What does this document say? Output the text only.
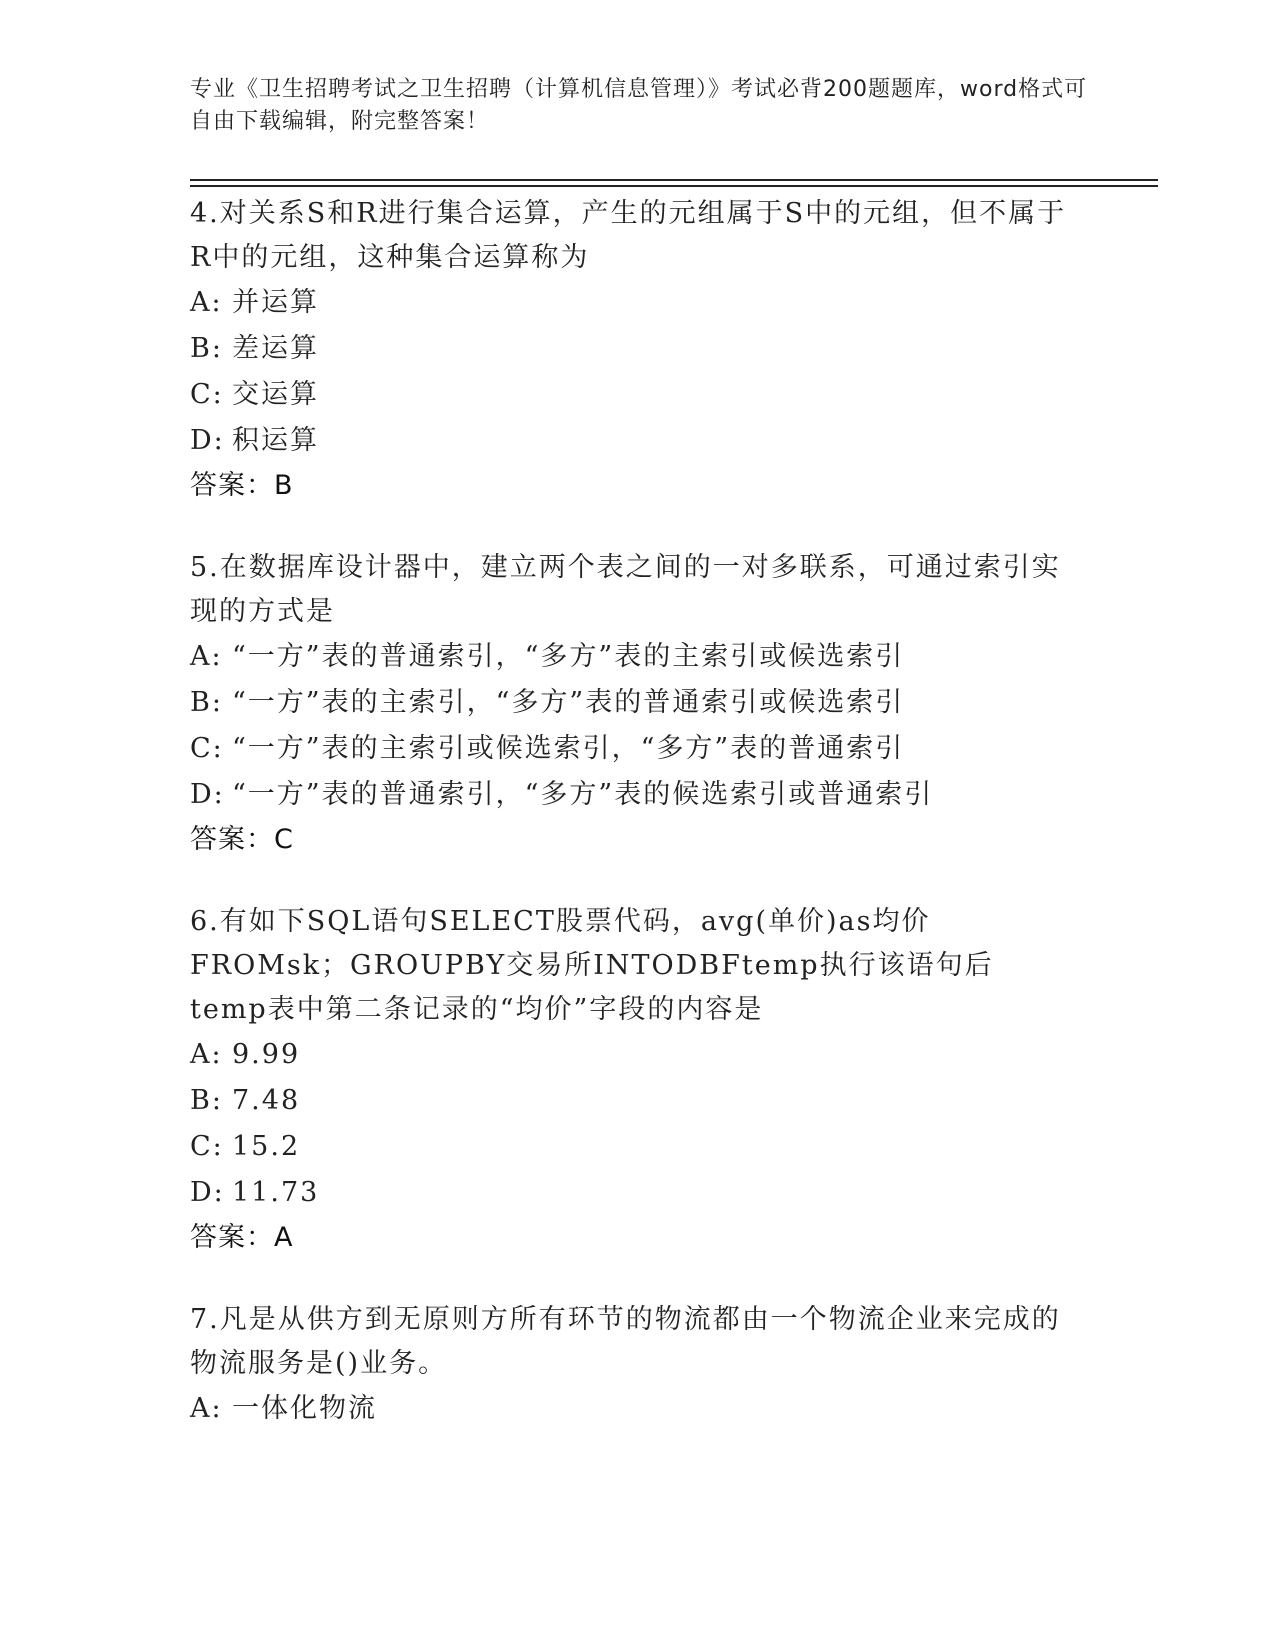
专业《卫生招聘考试之卫生招聘（计算机信息管理）》考试必背200题题库，word格式可自由下载编辑，附完整答案！
4.对关系S和R进行集合运算，产生的元组属于S中的元组，但不属于R中的元组，这种集合运算称为
A: 并运算
B: 差运算
C: 交运算
D: 积运算
答案：B
5.在数据库设计器中，建立两个表之间的一对多联系，可通过索引实现的方式是
A: “一方”表的普通索引，“多方”表的主索引或候选索引
B: “一方”表的主索引，“多方”表的普通索引或候选索引
C: “一方”表的主索引或候选索引，“多方”表的普通索引
D: “一方”表的普通索引，“多方”表的候选索引或普通索引
答案：C
6.有如下SQL语句SELECT股票代码，avg(单价)as均价FROMsk；GROUPBY交易所INTODBFtemp执行该语句后temp表中第二条记录的“均价”字段的内容是
A: 9.99
B: 7.48
C: 15.2
D: 11.73
答案：A
7.凡是从供方到无原则方所有环节的物流都由一个物流企业来完成的物流服务是()业务。
A: 一体化物流
